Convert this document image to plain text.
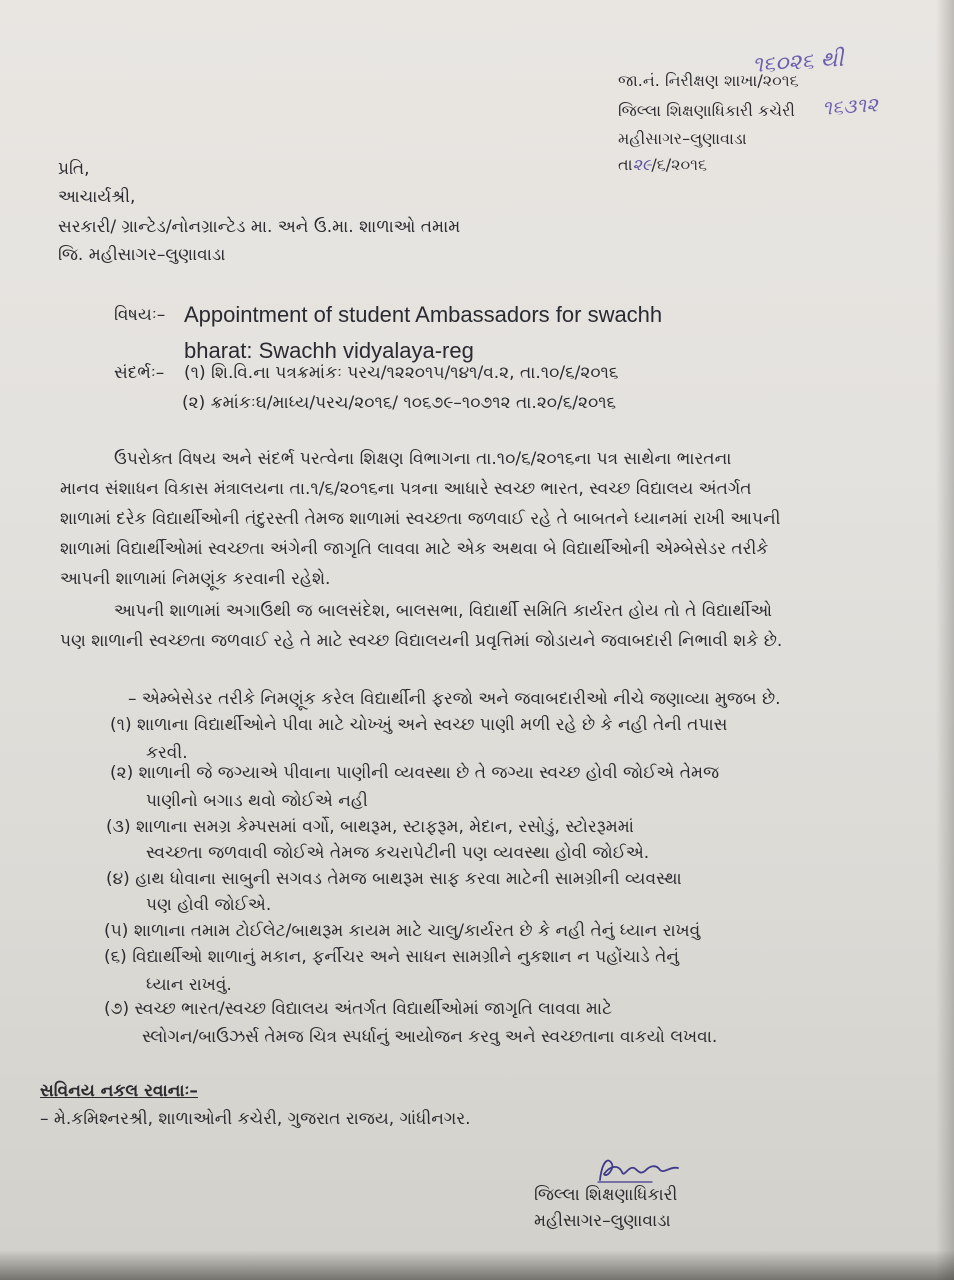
૧૬૦૨૬ થી
૧૬૩૧૨
જા.નં. નિરીક્ષણ શાખા/૨૦૧૬
જિલ્લા શિક્ષણાધિકારી કચેરી
મહીસાગર–લુણાવાડા
તા૨૯/૬/૨૦૧૬
પ્રતિ,
આચાર્યશ્રી,
સરકારી/ ગ્રાન્ટેડ/નોનગ્રાન્ટેડ મા. અને ઉ.મા. શાળાઓ તમામ
જિ. મહીસાગર–લુણાવાડા
વિષયઃ– Appointment of student Ambassadors for swachh
bharat: Swachh vidyalaya-reg
સંદર્ભઃ– (૧) શિ.વિ.ના પત્રક્રમાંકઃ પરચ/૧૨૨૦૧૫/૧૪૧/વ.૨, તા.૧૦/૬/૨૦૧૬
(૨) ક્રમાંકઃઘ/માધ્ય/પરચ/૨૦૧૬/ ૧૦૬૭૯–૧૦૭૧૨ તા.૨૦/૬/૨૦૧૬
ઉપરોક્ત વિષય અને સંદર્ભ પરત્વેના શિક્ષણ વિભાગના તા.૧૦/૬/૨૦૧૬ના પત્ર સાથેના ભારતના
માનવ સંશાધન વિકાસ મંત્રાલયના તા.૧/૬/૨૦૧૬ના પત્રના આધારે સ્વચ્છ ભારત, સ્વચ્છ વિદ્યાલય અંતર્ગત
શાળામાં દરેક વિદ્યાર્થીઓની તંદુરસ્તી તેમજ શાળામાં સ્વચ્છતા જળવાઈ રહે તે બાબતને ધ્યાનમાં રાખી આપની
શાળામાં વિદ્યાર્થીઓમાં સ્વચ્છતા અંગેની જાગૃતિ લાવવા માટે એક અથવા બે વિદ્યાર્થીઓની એમ્બેસેડર તરીકે
આપની શાળામાં નિમણૂંક કરવાની રહેશે.
આપની શાળામાં અગાઉથી જ બાલસંદેશ, બાલસભા, વિદ્યાર્થી સમિતિ કાર્યરત હોય તો તે વિદ્યાર્થીઓ
પણ શાળાની સ્વચ્છતા જળવાઈ રહે તે માટે સ્વચ્છ વિદ્યાલયની પ્રવૃત્તિમાં જોડાયને જવાબદારી નિભાવી શકે છે.
– એમ્બેસેડર તરીકે નિમણૂંક કરેલ વિદ્યાર્થીની ફરજો અને જવાબદારીઓ નીચે જણાવ્યા મુજબ છે.
(૧) શાળાના વિદ્યાર્થીઓને પીવા માટે ચોખ્ખું અને સ્વચ્છ પાણી મળી રહે છે કે નહી તેની તપાસ
કરવી.
(૨) શાળાની જે જગ્યાએ પીવાના પાણીની વ્યવસ્થા છે તે જગ્યા સ્વચ્છ હોવી જોઈએ તેમજ
પાણીનો બગાડ થવો જોઈએ નહી
(૩) શાળાના સમગ્ર કેમ્પસમાં વર્ગો, બાથરૂમ, સ્ટાફરૂમ, મેદાન, રસોડું, સ્ટોરરૂમમાં
સ્વચ્છતા જળવાવી જોઈએ તેમજ કચરાપેટીની પણ વ્યવસ્થા હોવી જોઈએ.
(૪) હાથ ધોવાના સાબુની સગવડ તેમજ બાથરૂમ સાફ કરવા માટેની સામગ્રીની વ્યવસ્થા
પણ હોવી જોઈએ.
(૫) શાળાના તમામ ટોઈલેટ/બાથરૂમ કાયમ માટે ચાલુ/કાર્યરત છે કે નહી તેનું ધ્યાન રાખવું
(૬) વિદ્યાર્થીઓ શાળાનું મકાન, ફર્નીચર અને સાધન સામગ્રીને નુકશાન ન પહોંચાડે તેનું
ધ્યાન રાખવું.
(૭) સ્વચ્છ ભારત/સ્વચ્છ વિદ્યાલય અંતર્ગત વિદ્યાર્થીઓમાં જાગૃતિ લાવવા માટે
સ્લોગન/બાઉઝર્સ તેમજ ચિત્ર સ્પર્ધાનું આયોજન કરવુ અને સ્વચ્છતાના વાકયો લખવા.
સવિનય નકલ રવાનાઃ–
– મે.કમિશ્નરશ્રી, શાળાઓની કચેરી, ગુજરાત રાજય, ગાંધીનગર.
જિલ્લા શિક્ષણાધિકારી
મહીસાગર–લુણાવાડા
